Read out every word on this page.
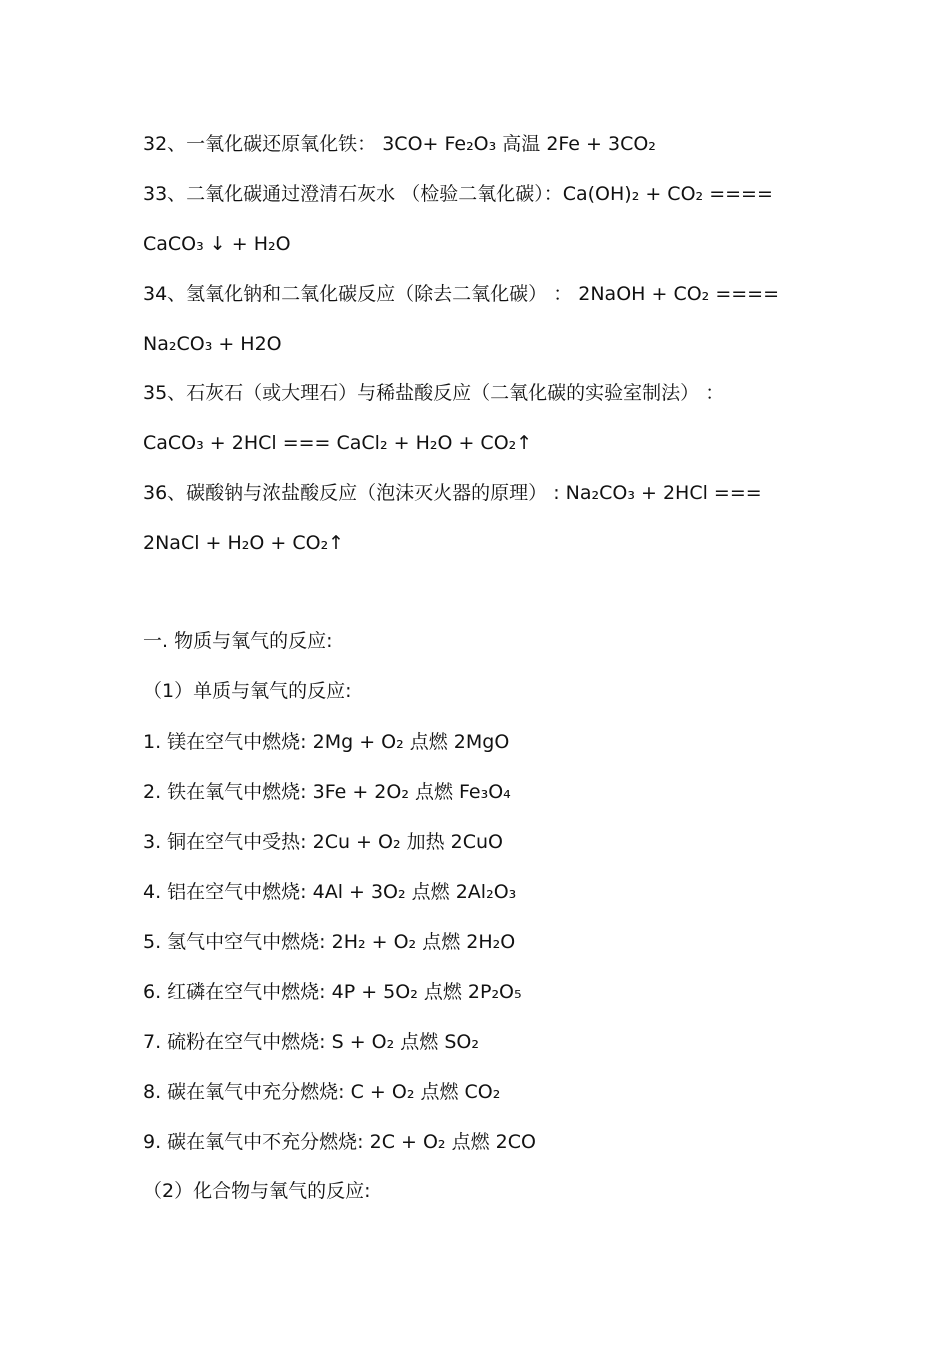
32、一氧化碳还原氧化铁： 3CO+ Fe₂O₃ 高温 2Fe + 3CO₂
33、二氧化碳通过澄清石灰水 （检验二氧化碳）：Ca(OH)₂ + CO₂ ====
CaCO₃ ↓ + H₂O
34、氢氧化钠和二氧化碳反应（除去二氧化碳） ： 2NaOH + CO₂ ====
Na₂CO₃ + H2O
35、石灰石（或大理石）与稀盐酸反应（二氧化碳的实验室制法） ：
CaCO₃ + 2HCl === CaCl₂ + H₂O + CO₂↑
36、碳酸钠与浓盐酸反应（泡沫灭火器的原理） : Na₂CO₃ + 2HCl ===
2NaCl + H₂O + CO₂↑
一. 物质与氧气的反应:
（1）单质与氧气的反应:
1. 镁在空气中燃烧: 2Mg + O₂ 点燃 2MgO
2. 铁在氧气中燃烧: 3Fe + 2O₂ 点燃 Fe₃O₄
3. 铜在空气中受热: 2Cu + O₂ 加热 2CuO
4. 铝在空气中燃烧: 4Al + 3O₂ 点燃 2Al₂O₃
5. 氢气中空气中燃烧: 2H₂ + O₂ 点燃 2H₂O
6. 红磷在空气中燃烧: 4P + 5O₂ 点燃 2P₂O₅
7. 硫粉在空气中燃烧: S + O₂ 点燃 SO₂
8. 碳在氧气中充分燃烧: C + O₂ 点燃 CO₂
9. 碳在氧气中不充分燃烧: 2C + O₂ 点燃 2CO
（2）化合物与氧气的反应:
